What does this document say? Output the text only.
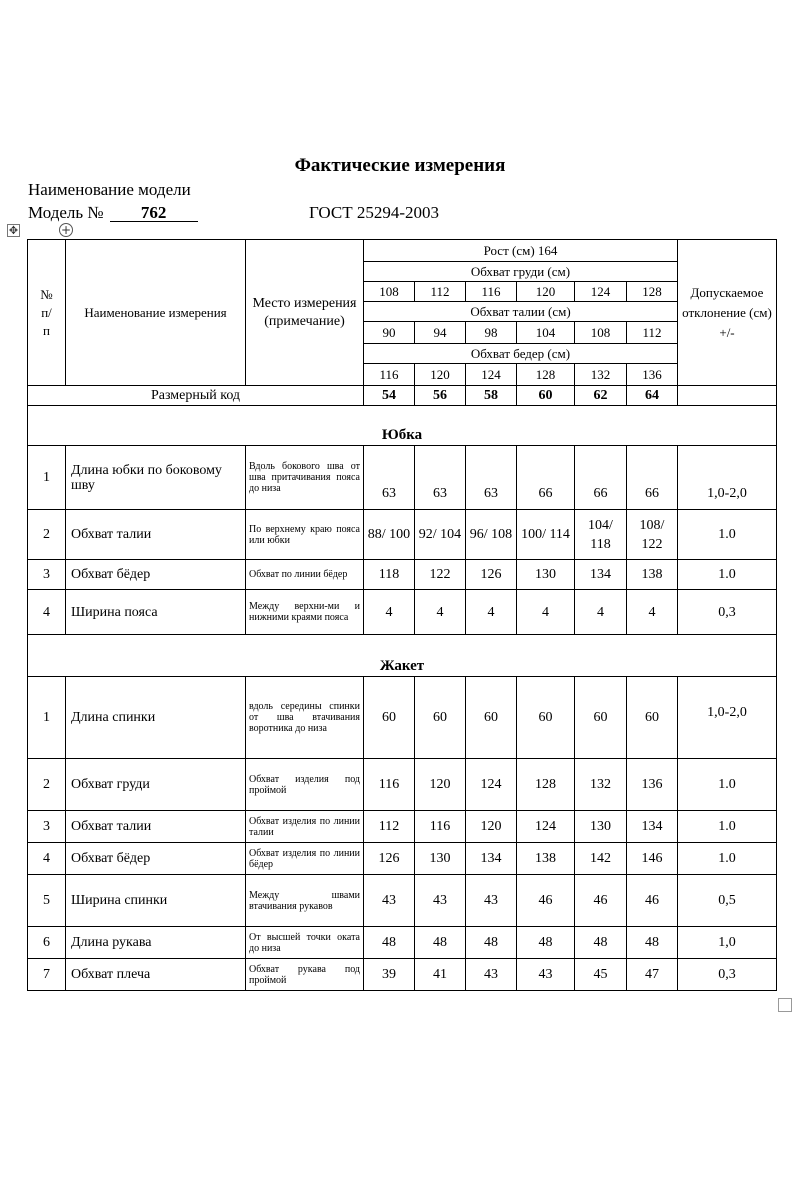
Фактические измерения
Наименование модели
Модель № 762	ГОСТ 25294-2003
✥	+
№ п/ п	Наименование измерения	Место измерения (примечание)	Рост (см) 164						Допускаемое отклонение (см) +/-
			Обхват груди (см)						
			108	112	116	120	124	128	
			Обхват талии (см)						
			90	94	98	104	108	112	
			Обхват бедер (см)						
			116	120	124	128	132	136	
Размерный код			54	56	58	60	62	64	
Юбка									
1	Длина юбки по боковому шву	Вдоль бокового шва от шва притачивания пояса до низа	63	63	63	66	66	66	1,0-2,0
2	Обхват талии	По верхнему краю пояса или юбки	88/ 100	92/ 104	96/ 108	100/ 114	104/ 118	108/ 122	1.0
3	Обхват бёдер	Обхват по линии бёдер	118	122	126	130	134	138	1.0
4	Ширина пояса	Между верхни-ми и нижними краями пояса	4	4	4	4	4	4	0,3
Жакет									
1	Длина спинки	вдоль середины спинки от шва втачивания воротника до низа	60	60	60	60	60	60	1,0-2,0
2	Обхват груди	Обхват изделия под проймой	116	120	124	128	132	136	1.0
3	Обхват талии	Обхват изделия по линии талии	112	116	120	124	130	134	1.0
4	Обхват бёдер	Обхват изделия по линии бёдер	126	130	134	138	142	146	1.0
5	Ширина спинки	Между швами втачивания рукавов	43	43	43	46	46	46	0,5
6	Длина рукава	От высшей точки оката до низа	48	48	48	48	48	48	1,0
7	Обхват плеча	Обхват рукава под проймой	39	41	43	43	45	47	0,3
